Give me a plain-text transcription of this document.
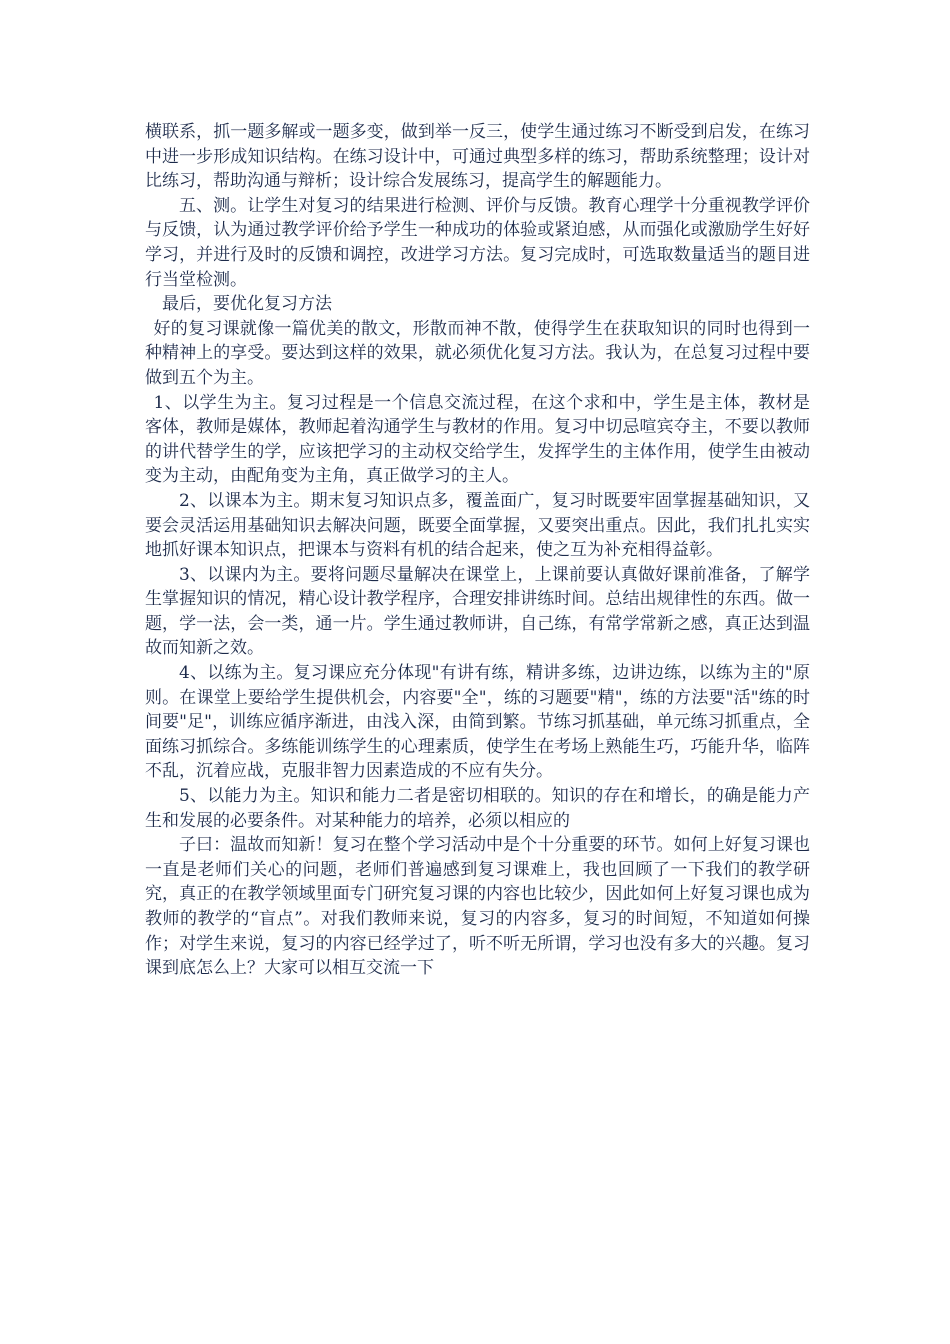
横联系，抓一题多解或一题多变，做到举一反三，使学生通过练习不断受到启发，在练习中进一步形成知识结构。在练习设计中，可通过典型多样的练习，帮助系统整理；设计对比练习，帮助沟通与辩析；设计综合发展练习，提高学生的解题能力。

五、测。让学生对复习的结果进行检测、评价与反馈。教育心理学十分重视教学评价与反馈，认为通过教学评价给予学生一种成功的体验或紧迫感，从而强化或激励学生好好学习，并进行及时的反馈和调控，改进学习方法。复习完成时，可选取数量适当的题目进行当堂检测。

最后，要优化复习方法

好的复习课就像一篇优美的散文，形散而神不散，使得学生在获取知识的同时也得到一种精神上的享受。要达到这样的效果，就必须优化复习方法。我认为，在总复习过程中要做到五个为主。

1、以学生为主。复习过程是一个信息交流过程，在这个求和中，学生是主体，教材是客体，教师是媒体，教师起着沟通学生与教材的作用。复习中切忌喧宾夺主，不要以教师的讲代替学生的学，应该把学习的主动权交给学生，发挥学生的主体作用，使学生由被动变为主动，由配角变为主角，真正做学习的主人。

2、以课本为主。期末复习知识点多，覆盖面广，复习时既要牢固掌握基础知识，又要会灵活运用基础知识去解决问题，既要全面掌握，又要突出重点。因此，我们扎扎实实地抓好课本知识点，把课本与资料有机的结合起来，使之互为补充相得益彰。

3、以课内为主。要将问题尽量解决在课堂上，上课前要认真做好课前准备，了解学生掌握知识的情况，精心设计教学程序，合理安排讲练时间。总结出规律性的东西。做一题，学一法，会一类，通一片。学生通过教师讲，自己练，有常学常新之感，真正达到温故而知新之效。

4、以练为主。复习课应充分体现"有讲有练，精讲多练，边讲边练，以练为主的"原则。在课堂上要给学生提供机会，内容要"全"，练的习题要"精"，练的方法要"活"练的时间要"足"，训练应循序渐进，由浅入深，由简到繁。节练习抓基础，单元练习抓重点，全面练习抓综合。多练能训练学生的心理素质，使学生在考场上熟能生巧，巧能升华，临阵不乱，沉着应战，克服非智力因素造成的不应有失分。

5、以能力为主。知识和能力二者是密切相联的。知识的存在和增长，的确是能力产生和发展的必要条件。对某种能力的培养，必须以相应的

子曰：温故而知新！复习在整个学习活动中是个十分重要的环节。如何上好复习课也一直是老师们关心的问题，老师们普遍感到复习课难上，我也回顾了一下我们的教学研究，真正的在教学领域里面专门研究复习课的内容也比较少，因此如何上好复习课也成为教师的教学的“盲点”。对我们教师来说，复习的内容多，复习的时间短，不知道如何操作；对学生来说，复习的内容已经学过了，听不听无所谓，学习也没有多大的兴趣。复习课到底怎么上？大家可以相互交流一下
